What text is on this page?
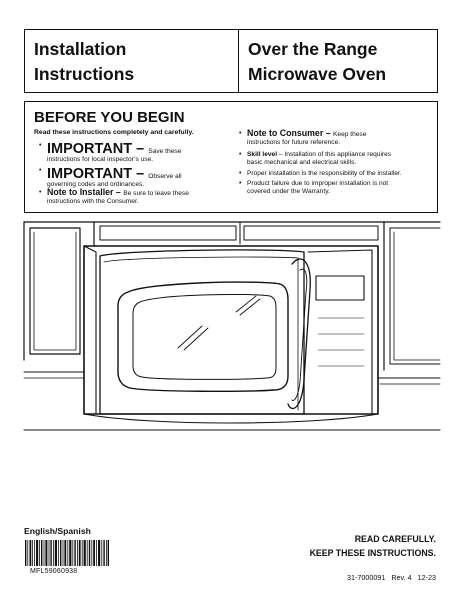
Installation
Instructions
Over the Range
Microwave Oven
BEFORE YOU BEGIN

Read these instructions completely and carefully.

• IMPORTANT – Save these
instructions for local inspector’s use.
• IMPORTANT – Observe all
governing codes and ordinances.
• Note to Installer – Be sure to leave these
instructions with the Consumer.
• Note to Consumer – Keep these
instructions for future reference.
• Skill level – Installation of this appliance requires
basic mechanical and electrical skills.
• Proper installation is the responsibility of the installer.
• Product failure due to improper installation is not
covered under the Warranty.

English/Spanish

MFL59060938

READ CAREFULLY.
KEEP THESE INSTRUCTIONS.

31-7000091 Rev. 4 12-23
